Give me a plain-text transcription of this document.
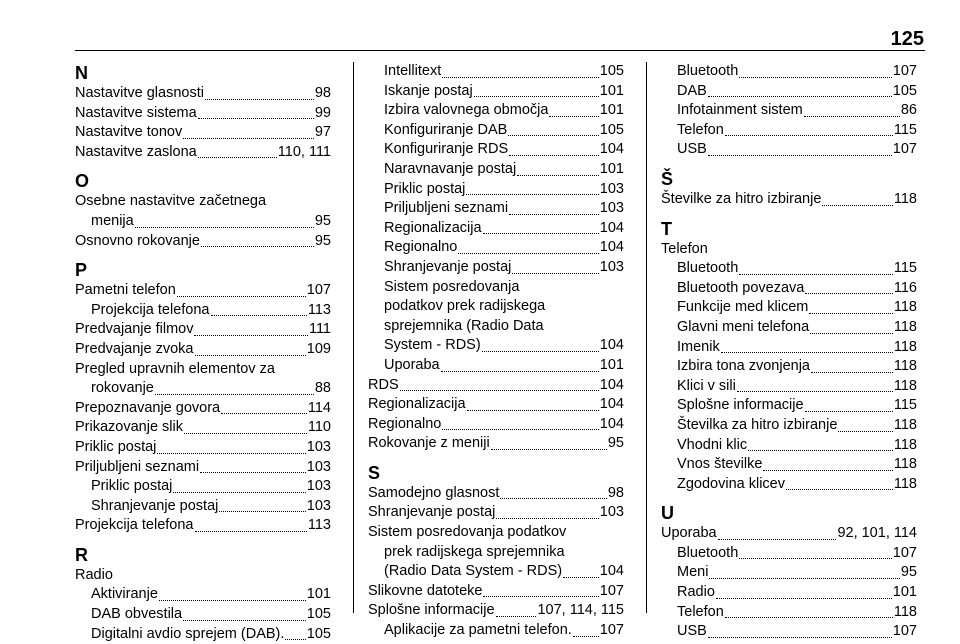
125
N
Nastavitve glasnosti	98
Nastavitve sistema	99
Nastavitve tonov	97
Nastavitve zaslona	110, 111
O
Osebne nastavitve začetnega
menija	95
Osnovno rokovanje	95
P
Pametni telefon	107
Projekcija telefona	113
Predvajanje filmov	111
Predvajanje zvoka	109
Pregled upravnih elementov za
rokovanje	88
Prepoznavanje govora	114
Prikazovanje slik	110
Priklic postaj	103
Priljubljeni seznami	103
Priklic postaj	103
Shranjevanje postaj	103
Projekcija telefona	113
R
Radio
Aktiviranje	101
DAB obvestila	105
Digitalni avdio sprejem (DAB). 105
Intellitext	105
Iskanje postaj	101
Izbira valovnega območja	101
Konfiguriranje DAB	105
Konfiguriranje RDS	104
Naravnavanje postaj	101
Priklic postaj	103
Priljubljeni seznami	103
Regionalizacija	104
Regionalno	104
Shranjevanje postaj	103
Sistem posredovanja
podatkov prek radijskega
sprejemnika (Radio Data
System - RDS)	104
Uporaba	101
RDS	104
Regionalizacija	104
Regionalno	104
Rokovanje z meniji	95
S
Samodejno glasnost	98
Shranjevanje postaj	103
Sistem posredovanja podatkov
prek radijskega sprejemnika
(Radio Data System - RDS)	104
Slikovne datoteke	107
Splošne informacije	107, 114, 115
Aplikacije za pametni telefon. 107
Bluetooth	107
DAB	105
Infotainment sistem	86
Telefon	115
USB	107
Š
Številke za hitro izbiranje	118
T
Telefon
Bluetooth	115
Bluetooth povezava	116
Funkcije med klicem	118
Glavni meni telefona	118
Imenik	118
Izbira tona zvonjenja	118
Klici v sili	118
Splošne informacije	115
Številka za hitro izbiranje	118
Vhodni klic	118
Vnos številke	118
Zgodovina klicev	118
U
Uporaba	92, 101, 114
Bluetooth	107
Meni	95
Radio	101
Telefon	118
USB	107
